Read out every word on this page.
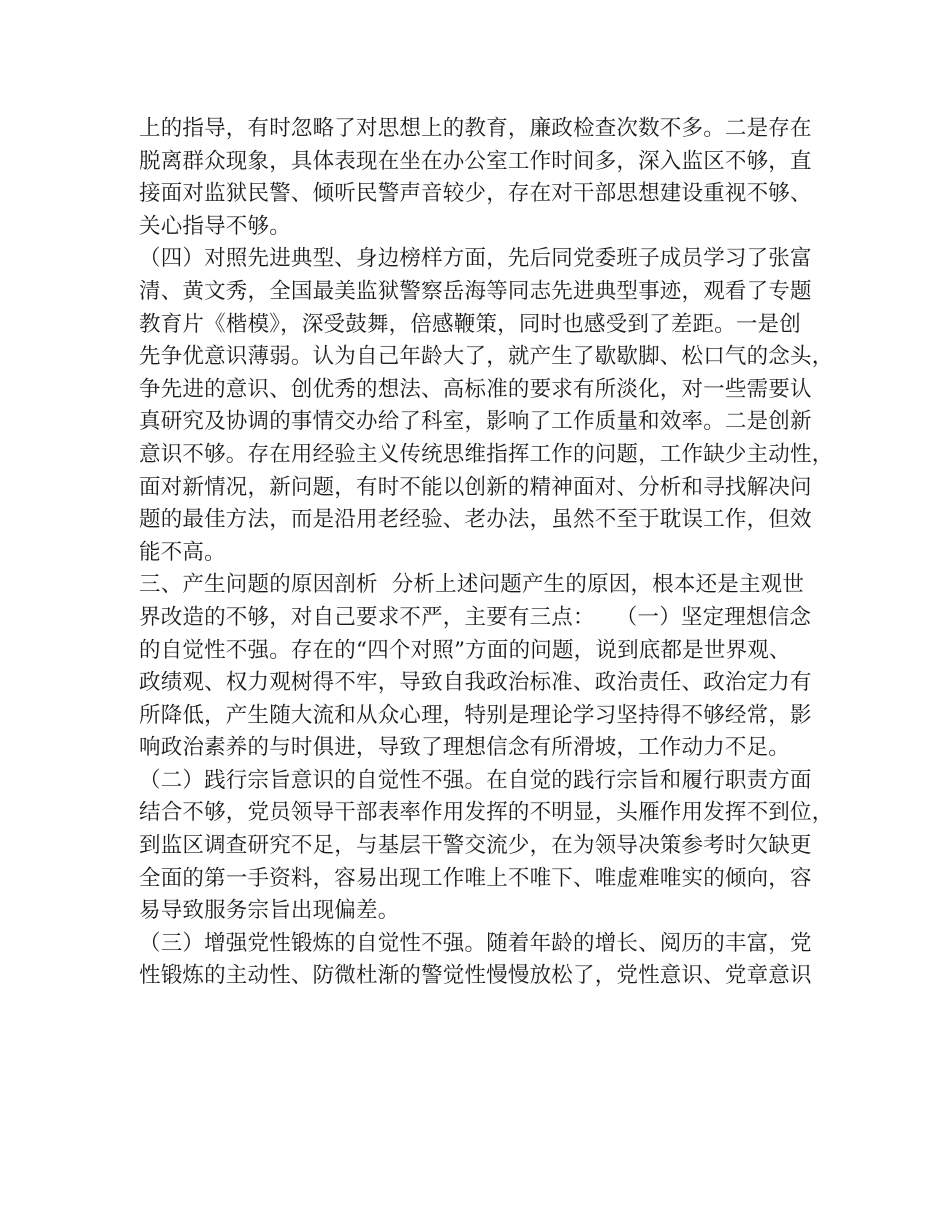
上的指导，有时忽略了对思想上的教育，廉政检查次数不多。二是存在
脱离群众现象，具体表现在坐在办公室工作时间多，深入监区不够，直
接面对监狱民警、倾听民警声音较少，存在对干部思想建设重视不够、
关心指导不够。
（四）对照先进典型、身边榜样方面，先后同党委班子成员学习了张富
清、黄文秀，全国最美监狱警察岳海等同志先进典型事迹，观看了专题
教育片《楷模》，深受鼓舞，倍感鞭策，同时也感受到了差距。一是创
先争优意识薄弱。认为自己年龄大了，就产生了歇歇脚、松口气的念头，
争先进的意识、创优秀的想法、高标准的要求有所淡化，对一些需要认
真研究及协调的事情交办给了科室，影响了工作质量和效率。二是创新
意识不够。存在用经验主义传统思维指挥工作的问题，工作缺少主动性，
面对新情况，新问题，有时不能以创新的精神面对、分析和寻找解决问
题的最佳方法，而是沿用老经验、老办法，虽然不至于耽误工作，但效
能不高。
三、产生问题的原因剖析  分析上述问题产生的原因，根本还是主观世
界改造的不够，对自己要求不严，主要有三点：   （一）坚定理想信念
的自觉性不强。存在的“四个对照”方面的问题，说到底都是世界观、
政绩观、权力观树得不牢，导致自我政治标准、政治责任、政治定力有
所降低，产生随大流和从众心理，特别是理论学习坚持得不够经常，影
响政治素养的与时俱进，导致了理想信念有所滑坡，工作动力不足。
（二）践行宗旨意识的自觉性不强。在自觉的践行宗旨和履行职责方面
结合不够，党员领导干部表率作用发挥的不明显，头雁作用发挥不到位，
到监区调查研究不足，与基层干警交流少，在为领导决策参考时欠缺更
全面的第一手资料，容易出现工作唯上不唯下、唯虚难唯实的倾向，容
易导致服务宗旨出现偏差。
（三）增强党性锻炼的自觉性不强。随着年龄的增长、阅历的丰富，党
性锻炼的主动性、防微杜渐的警觉性慢慢放松了，党性意识、党章意识
